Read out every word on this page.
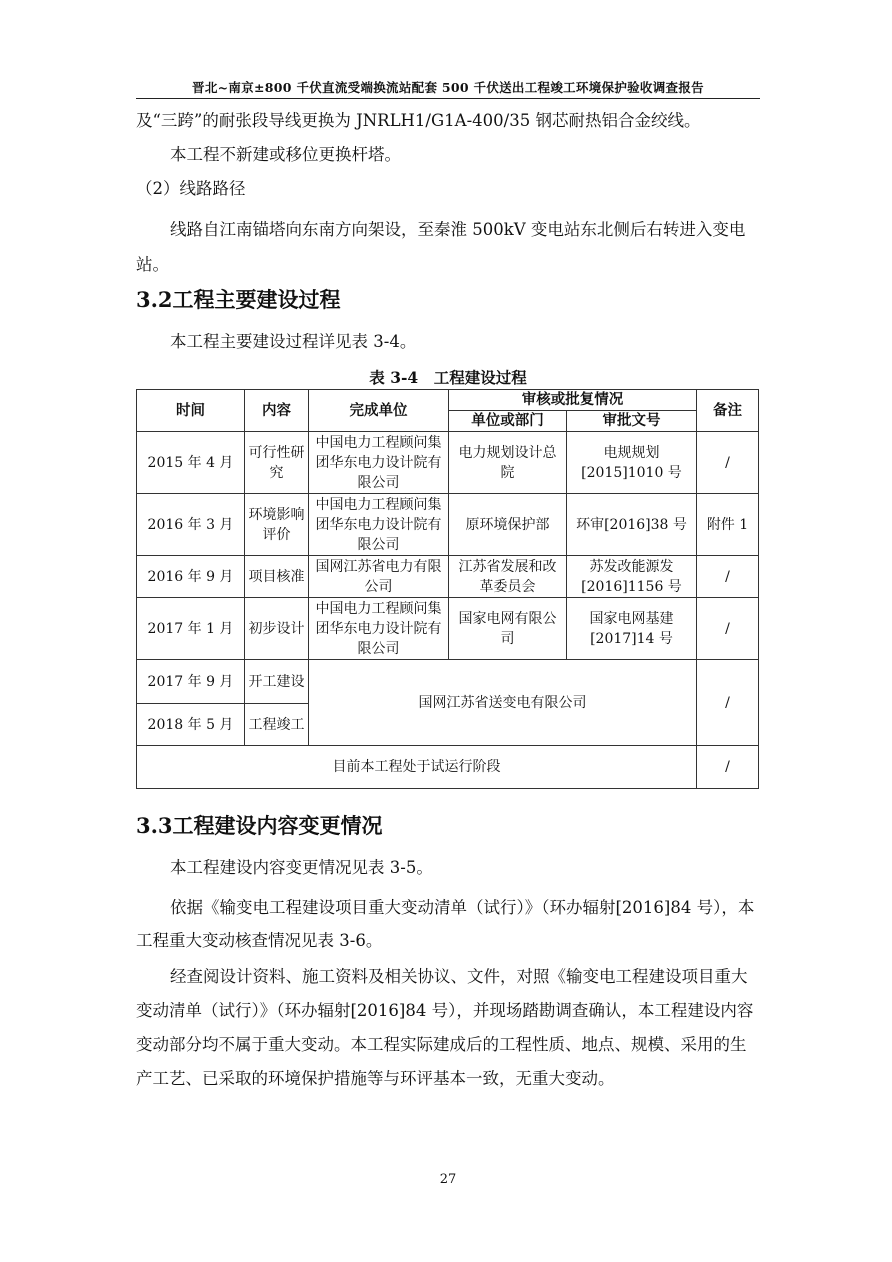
晋北~南京±800 千伏直流受端换流站配套 500 千伏送出工程竣工环境保护验收调查报告
及“三跨”的耐张段导线更换为 JNRLH1/G1A-400/35 钢芯耐热铝合金绞线。
本工程不新建或移位更换杆塔。
（2）线路路径
线路自江南锚塔向东南方向架设，至秦淮 500kV 变电站东北侧后右转进入变电站。
3.2工程主要建设过程
本工程主要建设过程详见表 3-4。
表 3-4　工程建设过程
时间	内容	完成单位	审核或批复情况		备注
			单位或部门	审批文号	
2015 年 4 月	可行性研究	中国电力工程顾问集团华东电力设计院有限公司	电力规划设计总院	电规规划[2015]1010 号	/
2016 年 3 月	环境影响评价	中国电力工程顾问集团华东电力设计院有限公司	原环境保护部	环审[2016]38 号	附件 1
2016 年 9 月	项目核准	国网江苏省电力有限公司	江苏省发展和改革委员会	苏发改能源发[2016]1156 号	/
2017 年 1 月	初步设计	中国电力工程顾问集团华东电力设计院有限公司	国家电网有限公司	国家电网基建[2017]14 号	/
2017 年 9 月	开工建设	国网江苏省送变电有限公司			/
2018 年 5 月	工程竣工				
目前本工程处于试运行阶段					/
3.3工程建设内容变更情况
本工程建设内容变更情况见表 3-5。
依据《输变电工程建设项目重大变动清单（试行）》（环办辐射[2016]84 号），本工程重大变动核查情况见表 3-6。
经查阅设计资料、施工资料及相关协议、文件，对照《输变电工程建设项目重大变动清单（试行）》（环办辐射[2016]84 号），并现场踏勘调查确认，本工程建设内容变动部分均不属于重大变动。本工程实际建成后的工程性质、地点、规模、采用的生产工艺、已采取的环境保护措施等与环评基本一致，无重大变动。
27
